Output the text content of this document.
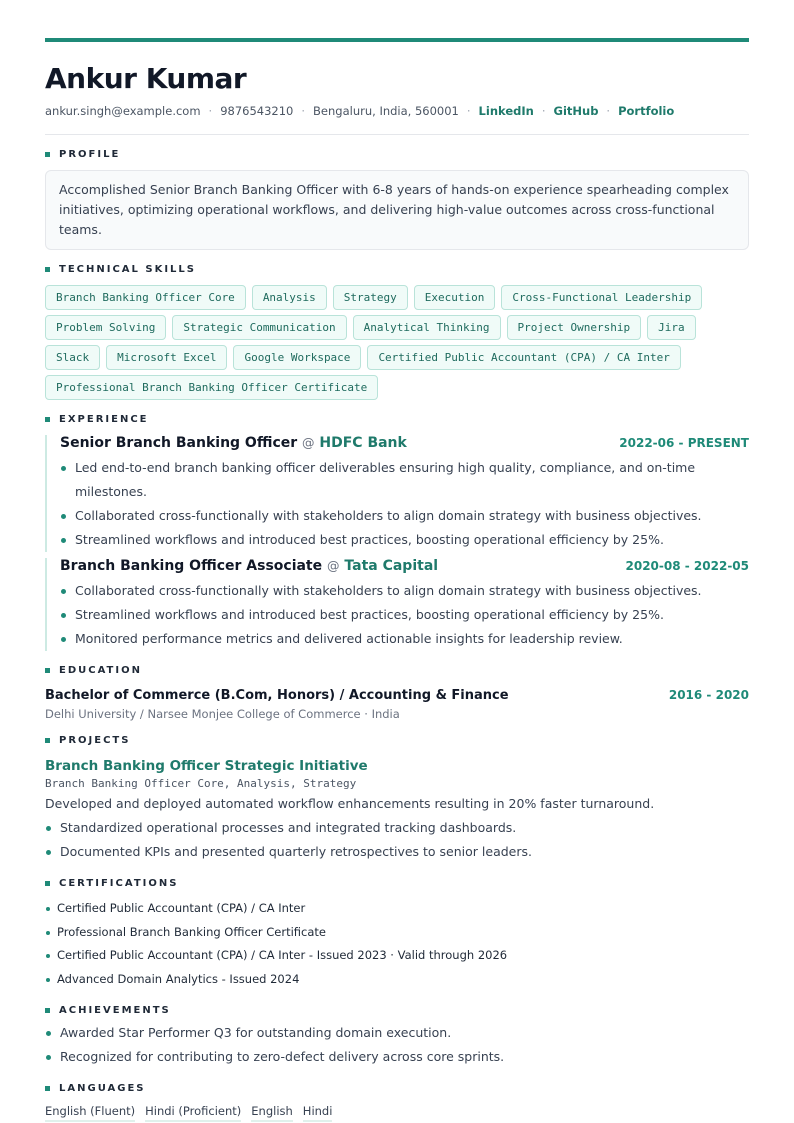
Ankur Kumar
ankur.singh@example.com · 9876543210 · Bengaluru, India, 560001 · LinkedIn · GitHub · Portfolio
PROFILE
Accomplished Senior Branch Banking Officer with 6-8 years of hands-on experience spearheading complex initiatives, optimizing operational workflows, and delivering high-value outcomes across cross-functional teams.
TECHNICAL SKILLS
Branch Banking Officer Core	Analysis	Strategy	Execution	Cross-Functional Leadership
Problem Solving	Strategic Communication	Analytical Thinking	Project Ownership	Jira
Slack	Microsoft Excel	Google Workspace	Certified Public Accountant (CPA) / CA Inter
Professional Branch Banking Officer Certificate
EXPERIENCE
Senior Branch Banking Officer @ HDFC Bank	2022-06 - PRESENT
Led end-to-end branch banking officer deliverables ensuring high quality, compliance, and on-time milestones.
Collaborated cross-functionally with stakeholders to align domain strategy with business objectives.
Streamlined workflows and introduced best practices, boosting operational efficiency by 25%.
Branch Banking Officer Associate @ Tata Capital	2020-08 - 2022-05
Collaborated cross-functionally with stakeholders to align domain strategy with business objectives.
Streamlined workflows and introduced best practices, boosting operational efficiency by 25%.
Monitored performance metrics and delivered actionable insights for leadership review.
EDUCATION
Bachelor of Commerce (B.Com, Honors) / Accounting & Finance	2016 - 2020
Delhi University / Narsee Monjee College of Commerce · India
PROJECTS
Branch Banking Officer Strategic Initiative
Branch Banking Officer Core, Analysis, Strategy
Developed and deployed automated workflow enhancements resulting in 20% faster turnaround.
Standardized operational processes and integrated tracking dashboards.
Documented KPIs and presented quarterly retrospectives to senior leaders.
CERTIFICATIONS
Certified Public Accountant (CPA) / CA Inter
Professional Branch Banking Officer Certificate
Certified Public Accountant (CPA) / CA Inter - Issued 2023 · Valid through 2026
Advanced Domain Analytics - Issued 2024
ACHIEVEMENTS
Awarded Star Performer Q3 for outstanding domain execution.
Recognized for contributing to zero-defect delivery across core sprints.
LANGUAGES
English (Fluent) Hindi (Proficient) English Hindi
